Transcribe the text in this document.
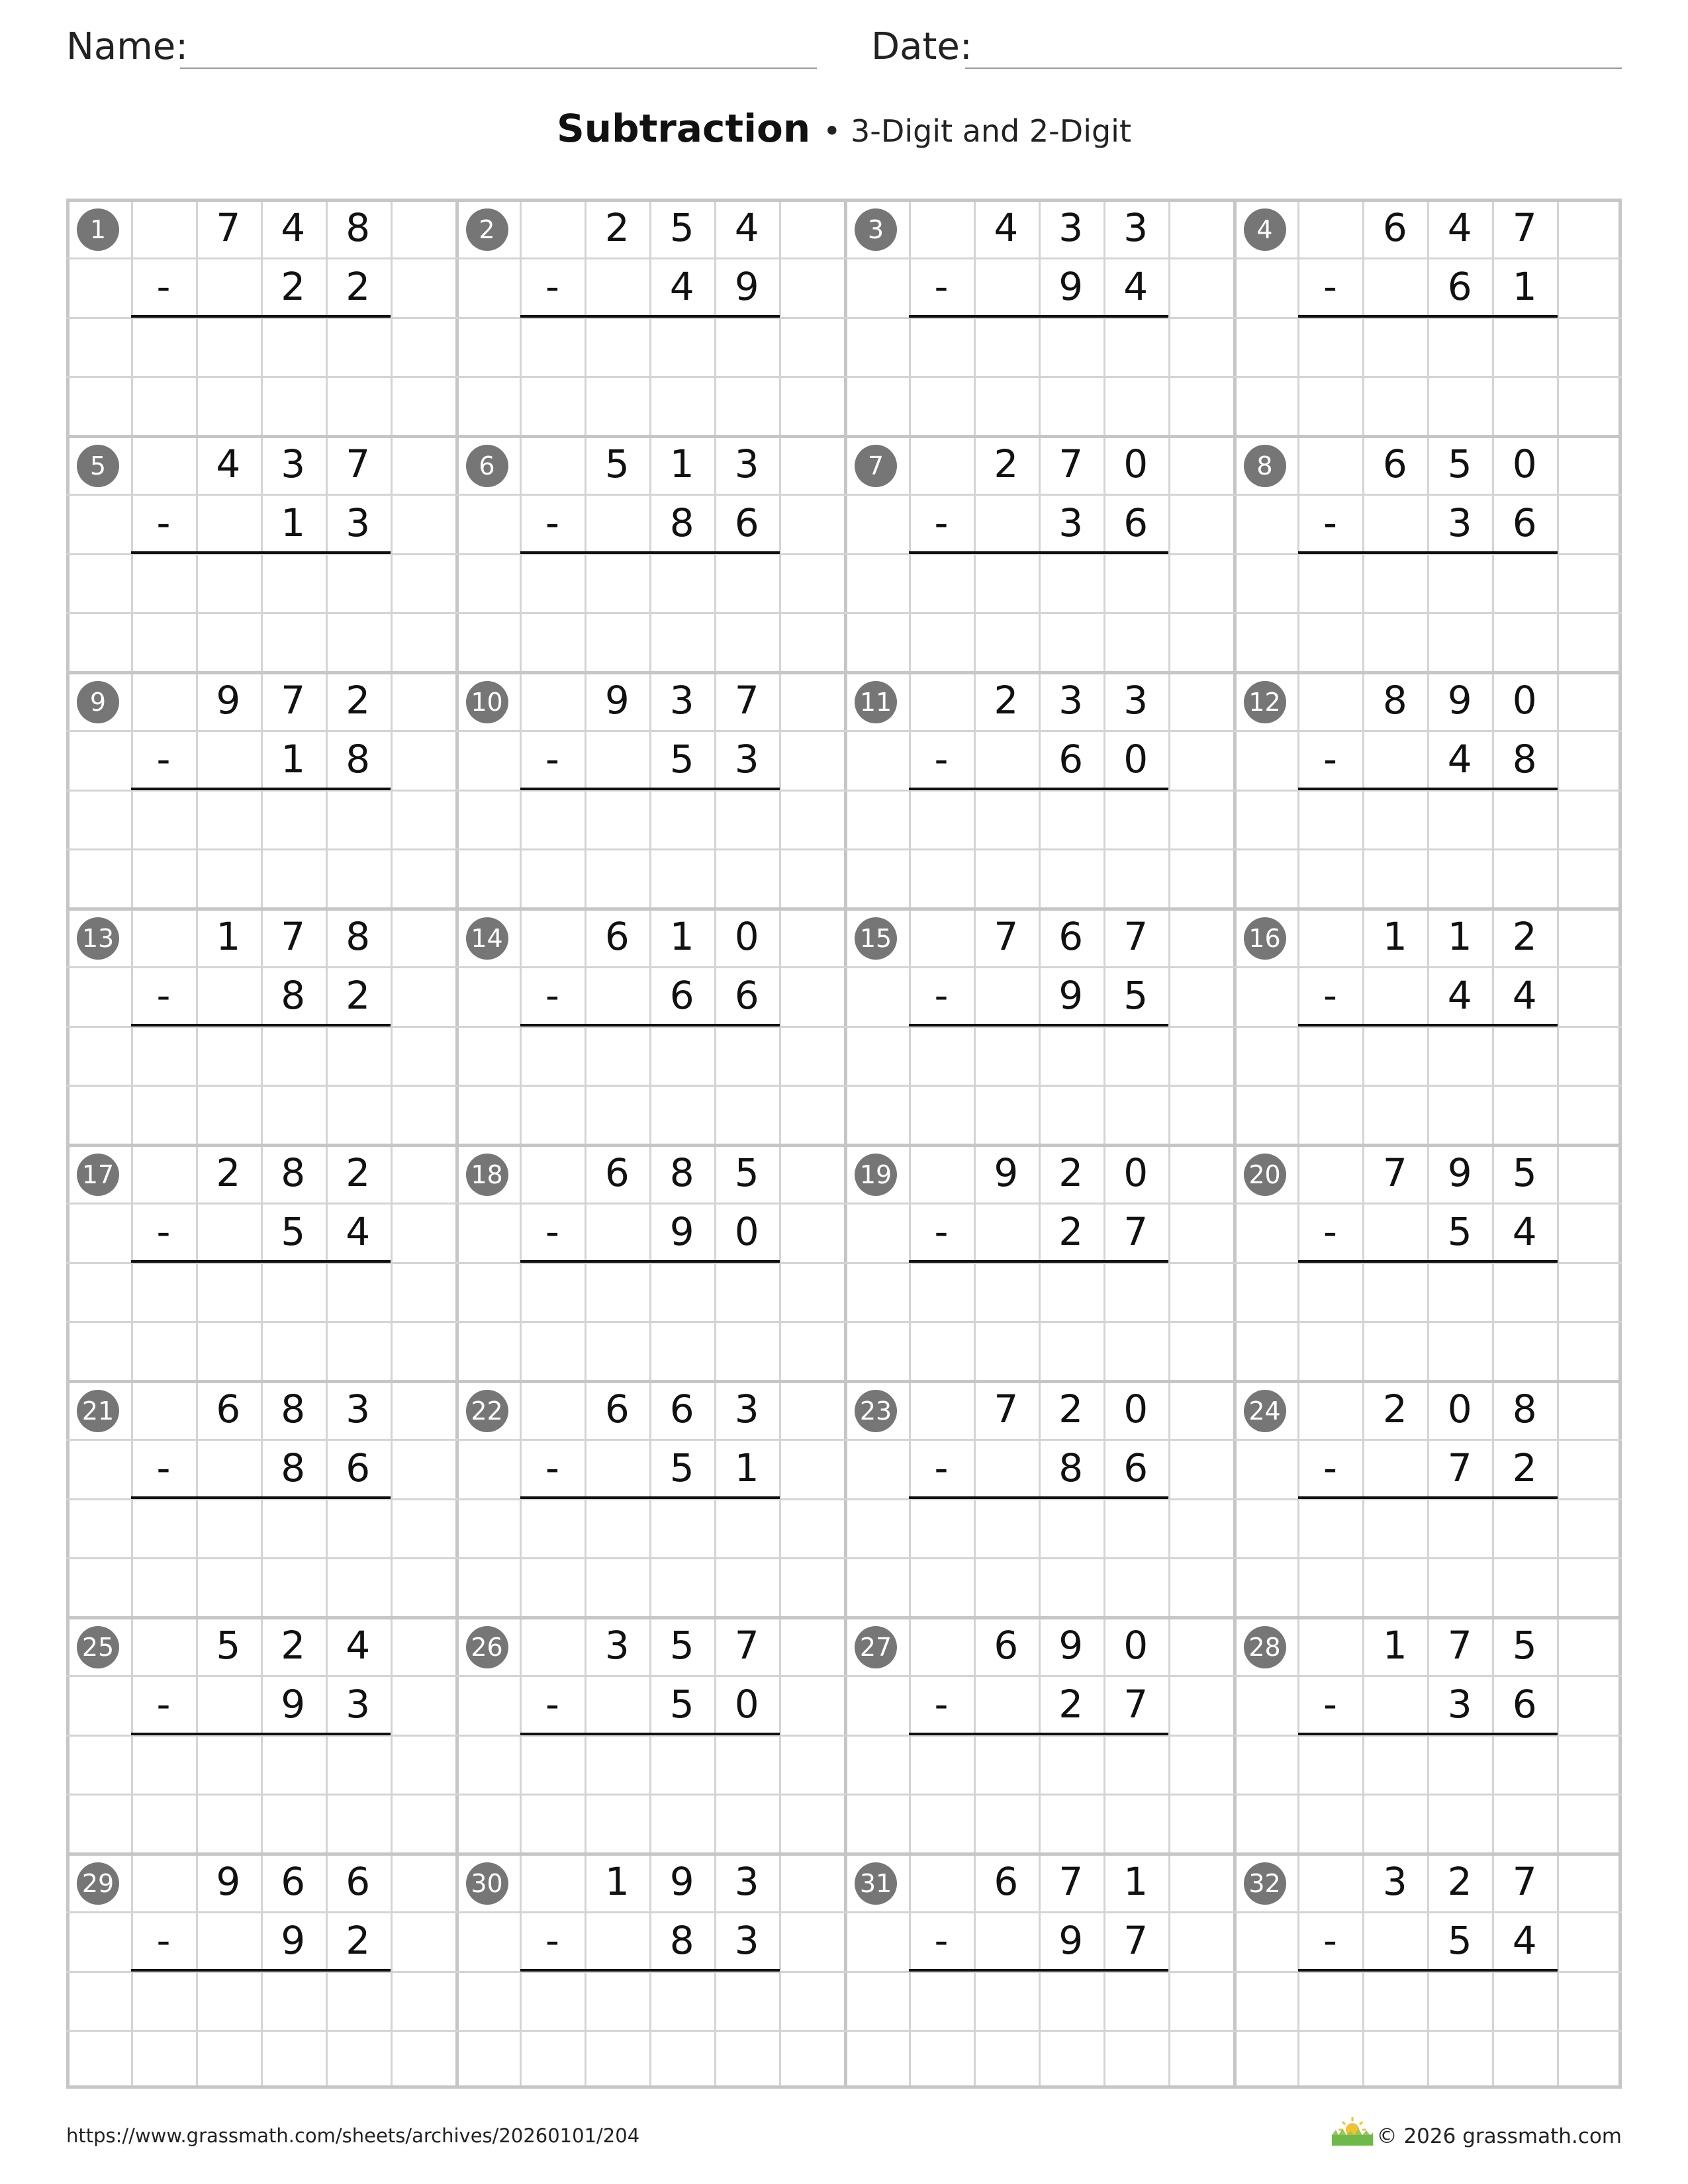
Name:	Date:
Subtraction • 3-Digit and 2-Digit
1	7	4	8
-	2	2
2	2	5	4
-	4	9
3	4	3	3
-	9	4
4	6	4	7
-	6	1
5	4	3	7
-	1	3
6	5	1	3
-	8	6
7	2	7	0
-	3	6
8	6	5	0
-	3	6
9	9	7	2
-	1	8
10	9	3	7
-	5	3
11	2	3	3
-	6	0
12	8	9	0
-	4	8
13	1	7	8
-	8	2
14	6	1	0
-	6	6
15	7	6	7
-	9	5
16	1	1	2
-	4	4
17	2	8	2
-	5	4
18	6	8	5
-	9	0
19	9	2	0
-	2	7
20	7	9	5
-	5	4
21	6	8	3
-	8	6
22	6	6	3
-	5	1
23	7	2	0
-	8	6
24	2	0	8
-	7	2
25	5	2	4
-	9	3
26	3	5	7
-	5	0
27	6	9	0
-	2	7
28	1	7	5
-	3	6
29	9	6	6
-	9	2
30	1	9	3
-	8	3
31	6	7	1
-	9	7
32	3	2	7
-	5	4
https://www.grassmath.com/sheets/archives/20260101/204	© 2026 grassmath.com
